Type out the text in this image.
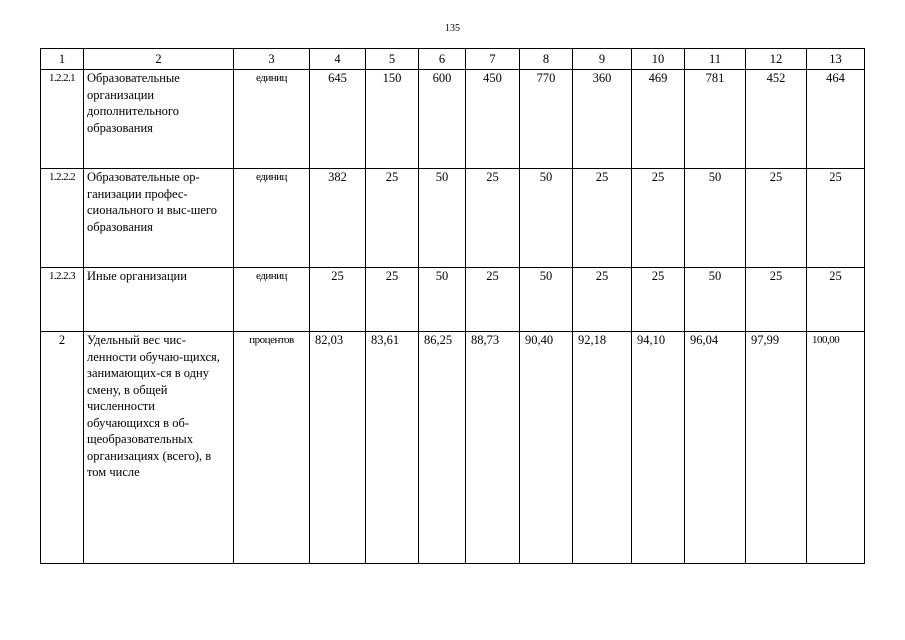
135
1	2	3	4	5	6	7	8	9	10	11	12	13
1.2.2.1	Образовательные организации дополнительного образования	единиц	645	150	600	450	770	360	469	781	452	464
1.2.2.2	Образовательные ор-ганизации профес-сионального и выс-шего образования	единиц	382	25	50	25	50	25	25	50	25	25
1.2.2.3	Иные организации	единиц	25	25	50	25	50	25	25	50	25	25
2	Удельный вес чис-ленности обучаю-щихся, занимающих-ся в одну смену, в общей численности обучающихся в об-щеобразовательных организациях (всего), в том числе	процентов	82,03	83,61	86,25	88,73	90,40	92,18	94,10	96,04	97,99	100,00
